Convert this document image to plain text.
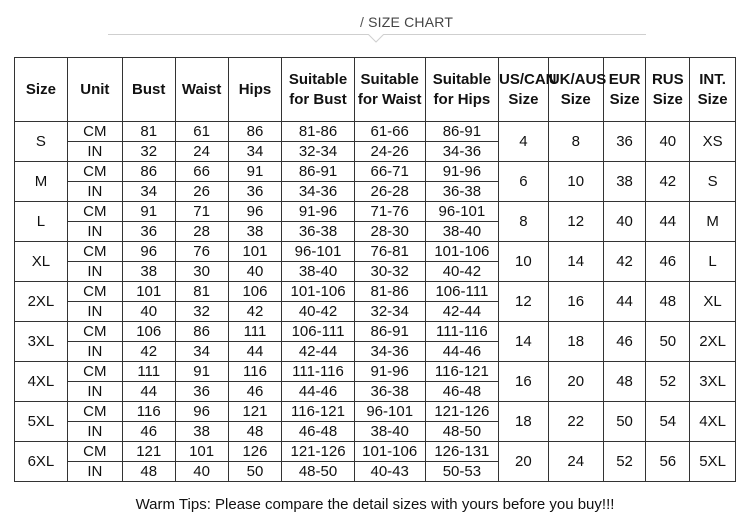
/ SIZE CHART
Size	Unit	Bust	Waist	Hips	Suitable for Bust	Suitable for Waist	Suitable for Hips	US/CAN Size	UK/AUS Size	EUR Size	RUS Size	INT. Size
S	CM	81	61	86	81-86	61-66	86-91	4	8	36	40	XS
	IN	32	24	34	32-34	24-26	34-36					
M	CM	86	66	91	86-91	66-71	91-96	6	10	38	42	S
	IN	34	26	36	34-36	26-28	36-38					
L	CM	91	71	96	91-96	71-76	96-101	8	12	40	44	M
	IN	36	28	38	36-38	28-30	38-40					
XL	CM	96	76	101	96-101	76-81	101-106	10	14	42	46	L
	IN	38	30	40	38-40	30-32	40-42					
2XL	CM	101	81	106	101-106	81-86	106-111	12	16	44	48	XL
	IN	40	32	42	40-42	32-34	42-44					
3XL	CM	106	86	111	106-111	86-91	111-116	14	18	46	50	2XL
	IN	42	34	44	42-44	34-36	44-46					
4XL	CM	111	91	116	111-116	91-96	116-121	16	20	48	52	3XL
	IN	44	36	46	44-46	36-38	46-48					
5XL	CM	116	96	121	116-121	96-101	121-126	18	22	50	54	4XL
	IN	46	38	48	46-48	38-40	48-50					
6XL	CM	121	101	126	121-126	101-106	126-131	20	24	52	56	5XL
	IN	48	40	50	48-50	40-43	50-53					
Warm Tips: Please compare the detail sizes with yours before you buy!!!
